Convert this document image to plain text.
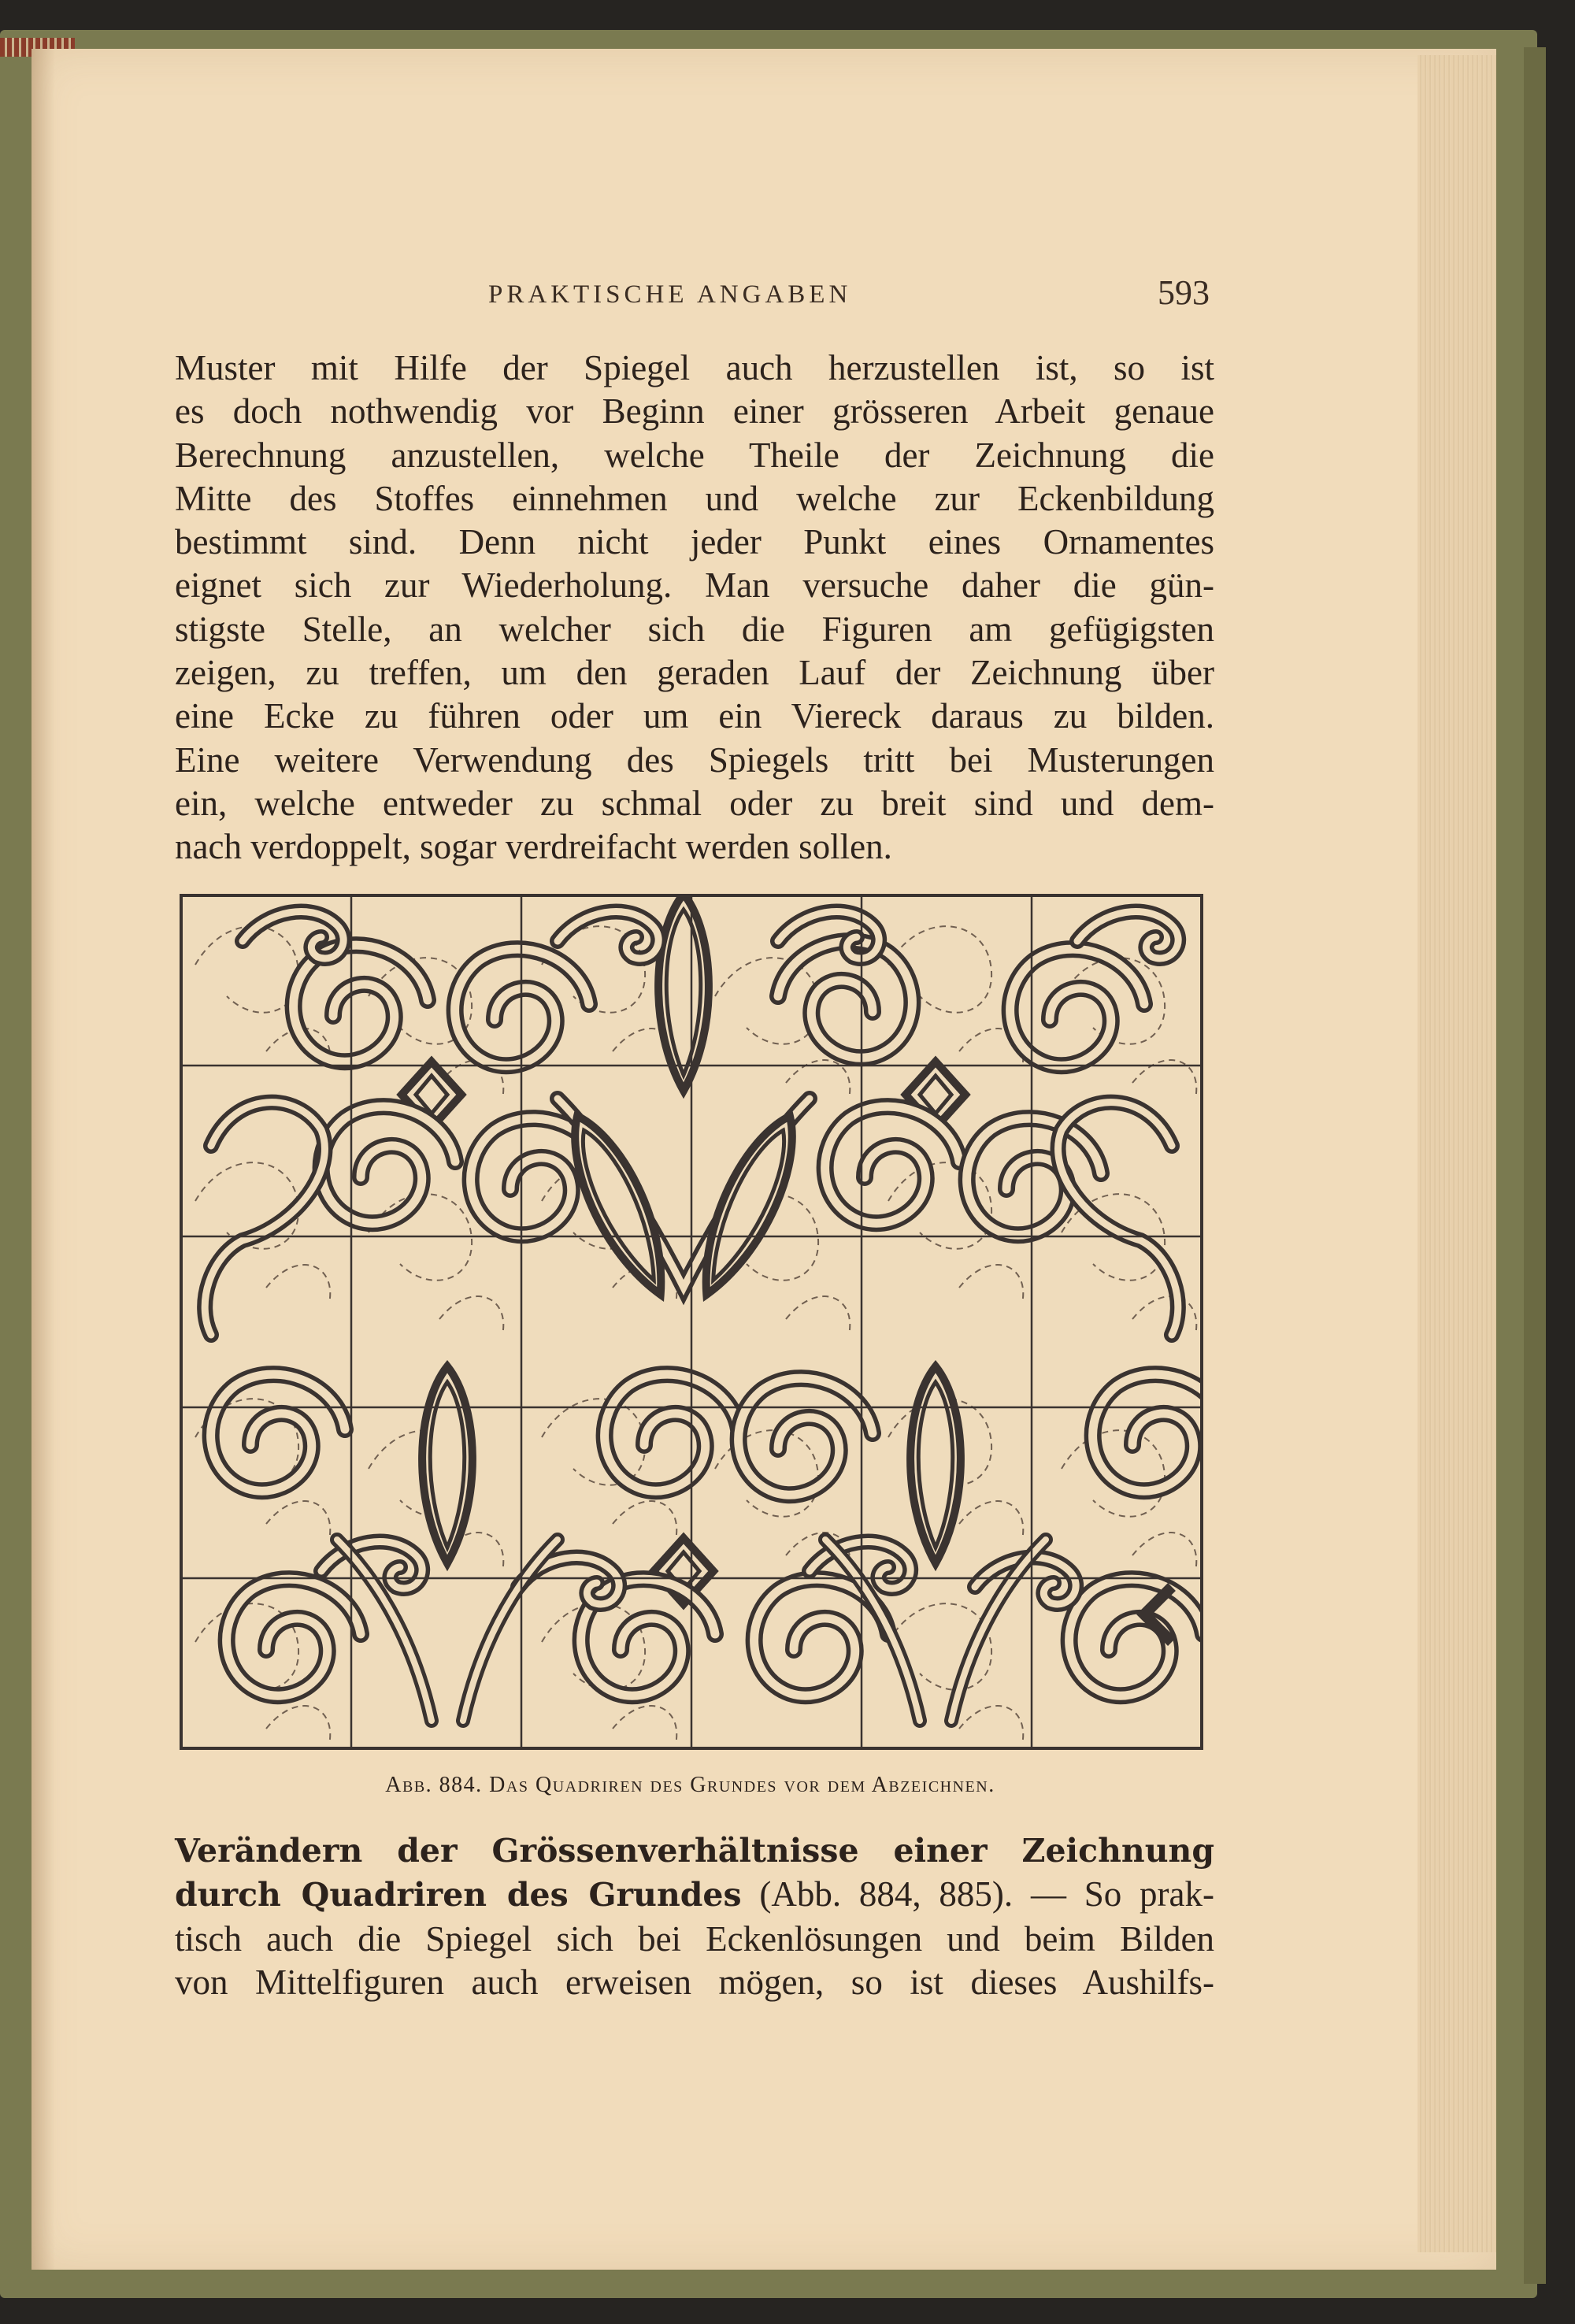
PRAKTISCHE ANGABEN	593
Muster mit Hilfe der Spiegel auch herzustellen ist, so ist
es doch nothwendig vor Beginn einer grösseren Arbeit genaue
Berechnung anzustellen, welche Theile der Zeichnung die
Mitte des Stoffes einnehmen und welche zur Eckenbildung
bestimmt sind. Denn nicht jeder Punkt eines Ornamentes
eignet sich zur Wiederholung. Man versuche daher die gün-
stigste Stelle, an welcher sich die Figuren am gefügigsten
zeigen, zu treffen, um den geraden Lauf der Zeichnung über
eine Ecke zu führen oder um ein Viereck daraus zu bilden.
Eine weitere Verwendung des Spiegels tritt bei Musterungen
ein, welche entweder zu schmal oder zu breit sind und dem-
nach verdoppelt, sogar verdreifacht werden sollen.
Abb. 884. Das Quadriren des Grundes vor dem Abzeichnen.
Verändern der Grössenverhältnisse einer Zeichnung
durch Quadriren des Grundes (Abb. 884, 885). — So prak-
tisch auch die Spiegel sich bei Eckenlösungen und beim Bilden
von Mittelfiguren auch erweisen mögen, so ist dieses Aushilfs-
